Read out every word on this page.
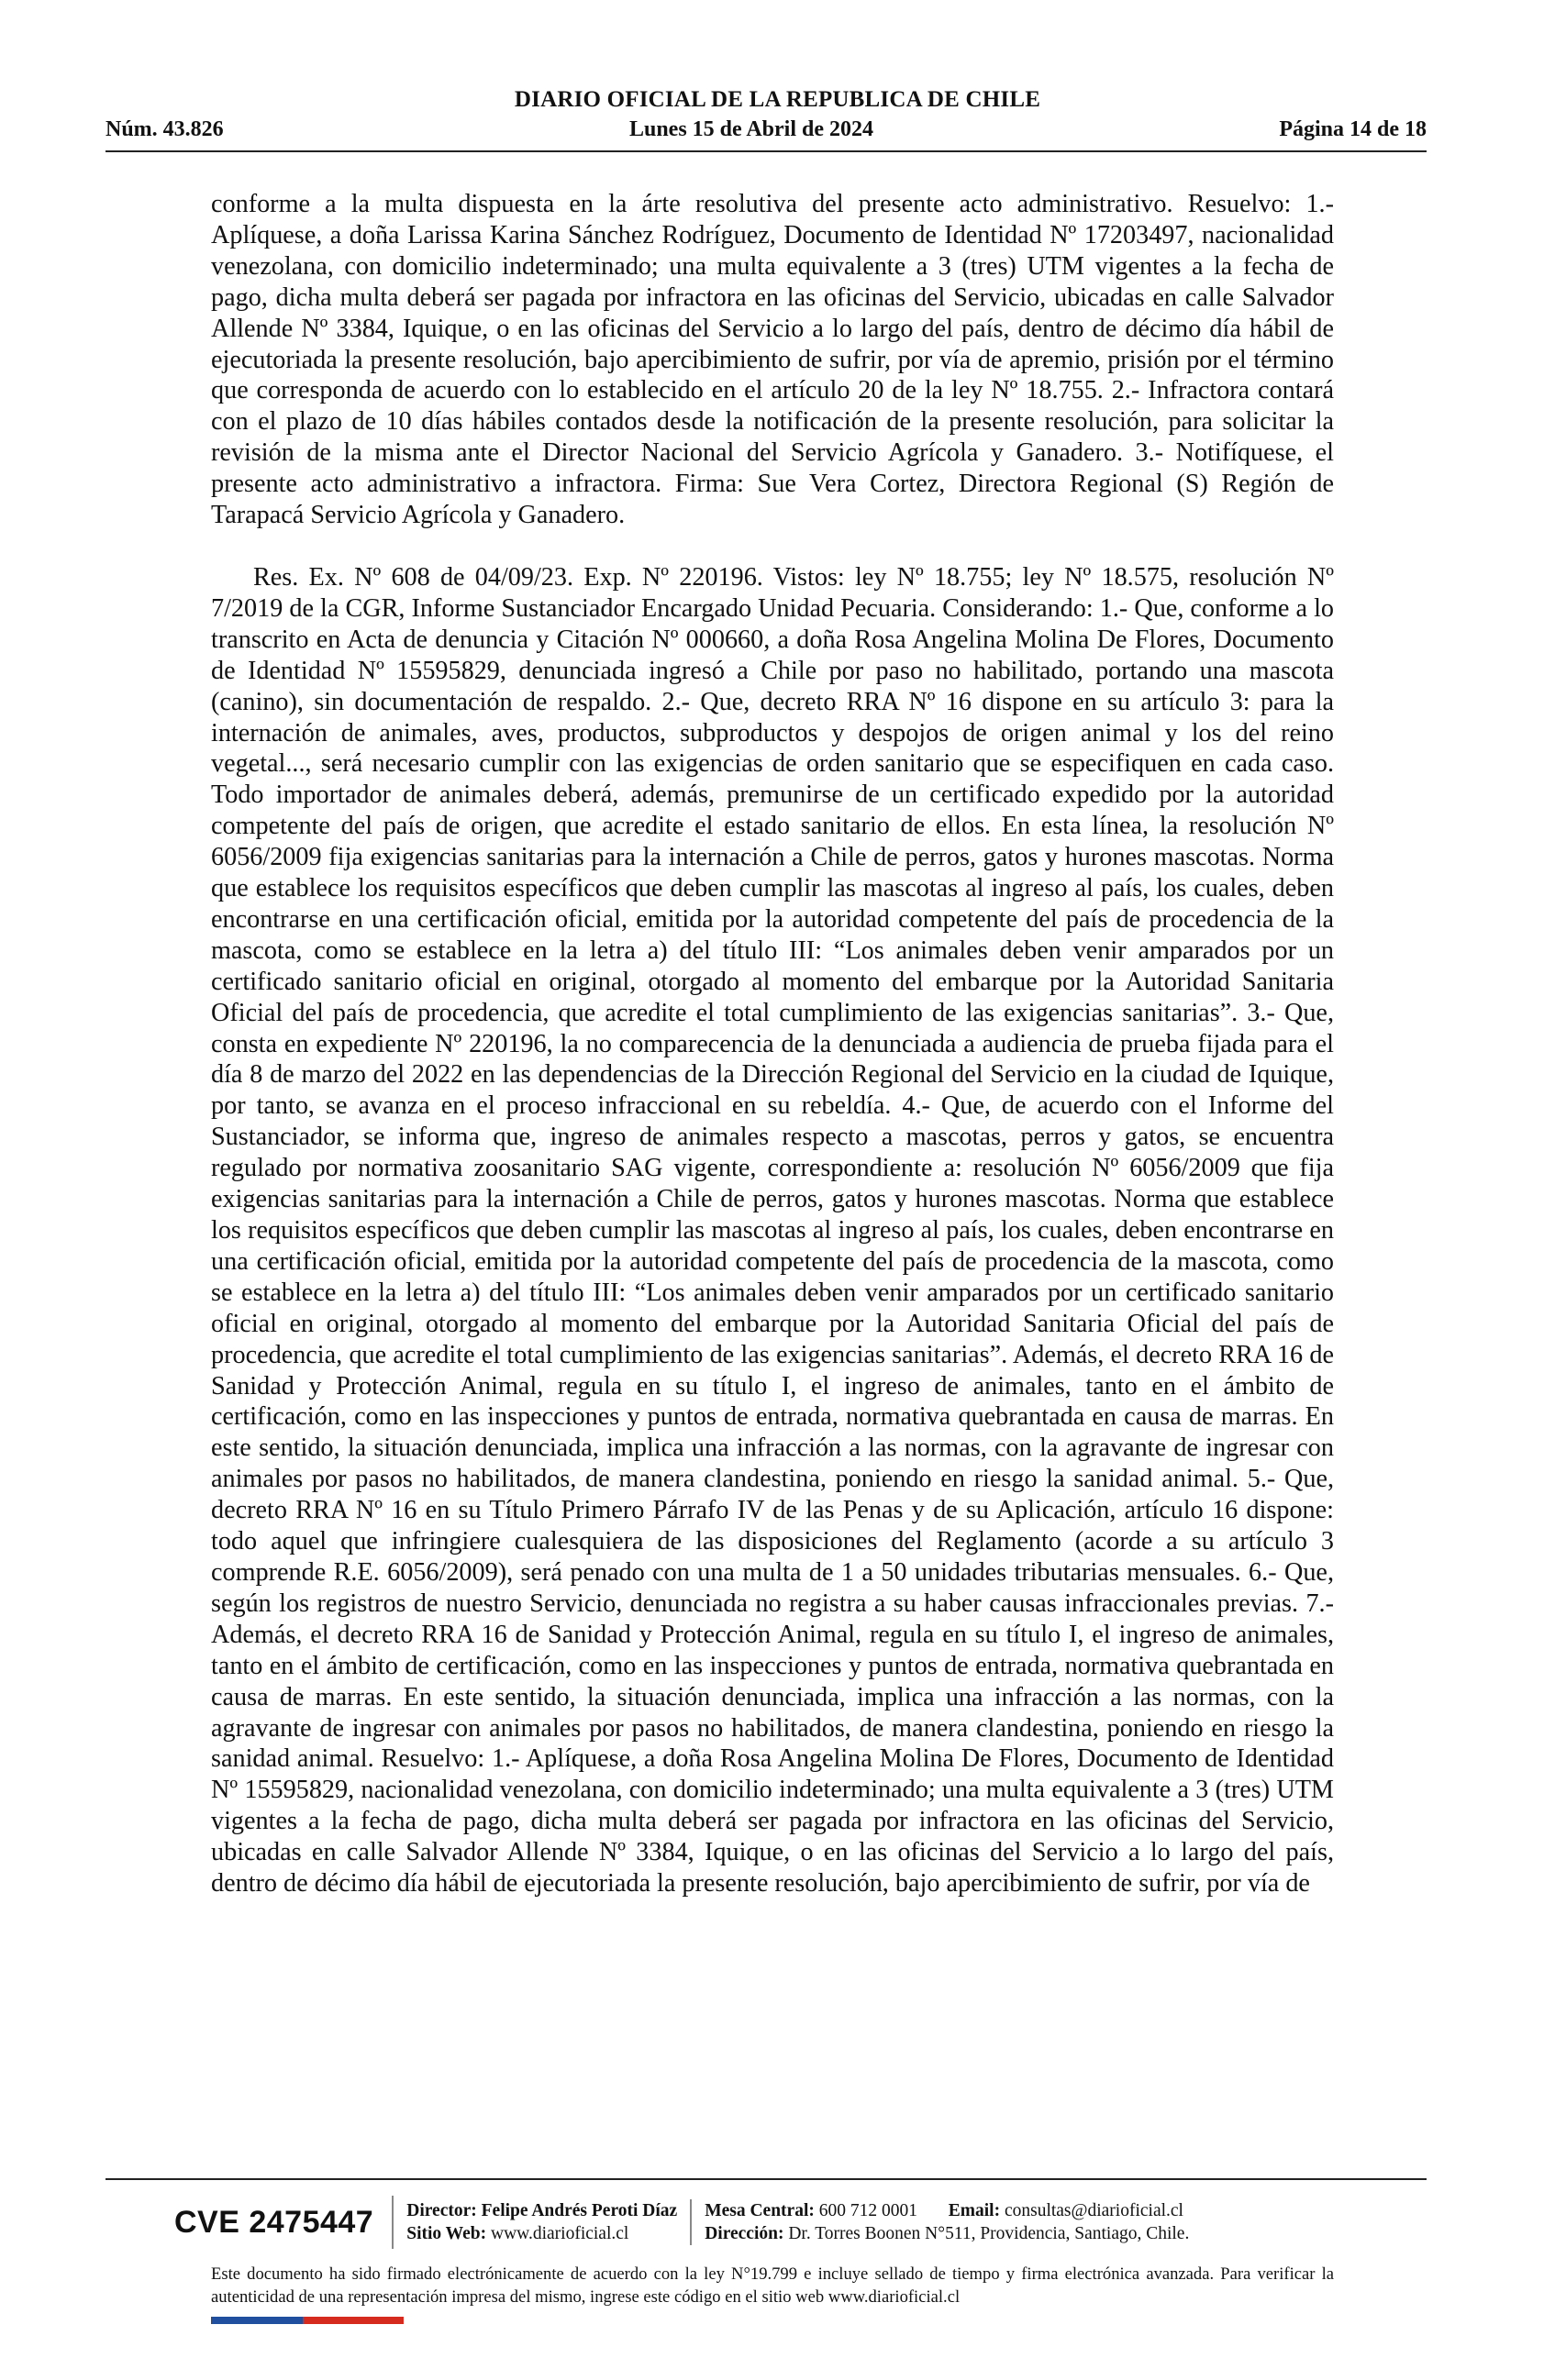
DIARIO OFICIAL DE LA REPUBLICA DE CHILE
Núm. 43.826	Lunes 15 de Abril de 2024	Página 14 de 18

conforme a la multa dispuesta en la árte resolutiva del presente acto administrativo. Resuelvo: 1.- Aplíquese, a doña Larissa Karina Sánchez Rodríguez, Documento de Identidad Nº 17203497, nacionalidad venezolana, con domicilio indeterminado; una multa equivalente a 3 (tres) UTM vigentes a la fecha de pago, dicha multa deberá ser pagada por infractora en las oficinas del Servicio, ubicadas en calle Salvador Allende Nº 3384, Iquique, o en las oficinas del Servicio a lo largo del país, dentro de décimo día hábil de ejecutoriada la presente resolución, bajo apercibimiento de sufrir, por vía de apremio, prisión por el término que corresponda de acuerdo con lo establecido en el artículo 20 de la ley Nº 18.755. 2.- Infractora contará con el plazo de 10 días hábiles contados desde la notificación de la presente resolución, para solicitar la revisión de la misma ante el Director Nacional del Servicio Agrícola y Ganadero. 3.- Notifíquese, el presente acto administrativo a infractora. Firma: Sue Vera Cortez, Directora Regional (S) Región de Tarapacá Servicio Agrícola y Ganadero.

Res. Ex. Nº 608 de 04/09/23. Exp. Nº 220196. Vistos: ley Nº 18.755; ley Nº 18.575, resolución Nº 7/2019 de la CGR, Informe Sustanciador Encargado Unidad Pecuaria. Considerando: 1.- Que, conforme a lo transcrito en Acta de denuncia y Citación Nº 000660, a doña Rosa Angelina Molina De Flores, Documento de Identidad Nº 15595829, denunciada ingresó a Chile por paso no habilitado, portando una mascota (canino), sin documentación de respaldo. 2.- Que, decreto RRA Nº 16 dispone en su artículo 3: para la internación de animales, aves, productos, subproductos y despojos de origen animal y los del reino vegetal..., será necesario cumplir con las exigencias de orden sanitario que se especifiquen en cada caso. Todo importador de animales deberá, además, premunirse de un certificado expedido por la autoridad competente del país de origen, que acredite el estado sanitario de ellos. En esta línea, la resolución Nº 6056/2009 fija exigencias sanitarias para la internación a Chile de perros, gatos y hurones mascotas. Norma que establece los requisitos específicos que deben cumplir las mascotas al ingreso al país, los cuales, deben encontrarse en una certificación oficial, emitida por la autoridad competente del país de procedencia de la mascota, como se establece en la letra a) del título III: “Los animales deben venir amparados por un certificado sanitario oficial en original, otorgado al momento del embarque por la Autoridad Sanitaria Oficial del país de procedencia, que acredite el total cumplimiento de las exigencias sanitarias”. 3.- Que, consta en expediente Nº 220196, la no comparecencia de la denunciada a audiencia de prueba fijada para el día 8 de marzo del 2022 en las dependencias de la Dirección Regional del Servicio en la ciudad de Iquique, por tanto, se avanza en el proceso infraccional en su rebeldía. 4.- Que, de acuerdo con el Informe del Sustanciador, se informa que, ingreso de animales respecto a mascotas, perros y gatos, se encuentra regulado por normativa zoosanitario SAG vigente, correspondiente a: resolución Nº 6056/2009 que fija exigencias sanitarias para la internación a Chile de perros, gatos y hurones mascotas. Norma que establece los requisitos específicos que deben cumplir las mascotas al ingreso al país, los cuales, deben encontrarse en una certificación oficial, emitida por la autoridad competente del país de procedencia de la mascota, como se establece en la letra a) del título III: “Los animales deben venir amparados por un certificado sanitario oficial en original, otorgado al momento del embarque por la Autoridad Sanitaria Oficial del país de procedencia, que acredite el total cumplimiento de las exigencias sanitarias”. Además, el decreto RRA 16 de Sanidad y Protección Animal, regula en su título I, el ingreso de animales, tanto en el ámbito de certificación, como en las inspecciones y puntos de entrada, normativa quebrantada en causa de marras. En este sentido, la situación denunciada, implica una infracción a las normas, con la agravante de ingresar con animales por pasos no habilitados, de manera clandestina, poniendo en riesgo la sanidad animal. 5.- Que, decreto RRA Nº 16 en su Título Primero Párrafo IV de las Penas y de su Aplicación, artículo 16 dispone: todo aquel que infringiere cualesquiera de las disposiciones del Reglamento (acorde a su artículo 3 comprende R.E. 6056/2009), será penado con una multa de 1 a 50 unidades tributarias mensuales. 6.- Que, según los registros de nuestro Servicio, denunciada no registra a su haber causas infraccionales previas. 7.- Además, el decreto RRA 16 de Sanidad y Protección Animal, regula en su título I, el ingreso de animales, tanto en el ámbito de certificación, como en las inspecciones y puntos de entrada, normativa quebrantada en causa de marras. En este sentido, la situación denunciada, implica una infracción a las normas, con la agravante de ingresar con animales por pasos no habilitados, de manera clandestina, poniendo en riesgo la sanidad animal. Resuelvo: 1.- Aplíquese, a doña Rosa Angelina Molina De Flores, Documento de Identidad Nº 15595829, nacionalidad venezolana, con domicilio indeterminado; una multa equivalente a 3 (tres) UTM vigentes a la fecha de pago, dicha multa deberá ser pagada por infractora en las oficinas del Servicio, ubicadas en calle Salvador Allende Nº 3384, Iquique, o en las oficinas del Servicio a lo largo del país, dentro de décimo día hábil de ejecutoriada la presente resolución, bajo apercibimiento de sufrir, por vía de

CVE 2475447	Director: Felipe Andrés Peroti Díaz
Sitio Web: www.diarioficial.cl
Mesa Central: 600 712 0001 Email: consultas@diarioficial.cl
Dirección: Dr. Torres Boonen N°511, Providencia, Santiago, Chile.
Este documento ha sido firmado electrónicamente de acuerdo con la ley N°19.799 e incluye sellado de tiempo y firma electrónica avanzada. Para verificar la autenticidad de una representación impresa del mismo, ingrese este código en el sitio web www.diarioficial.cl
